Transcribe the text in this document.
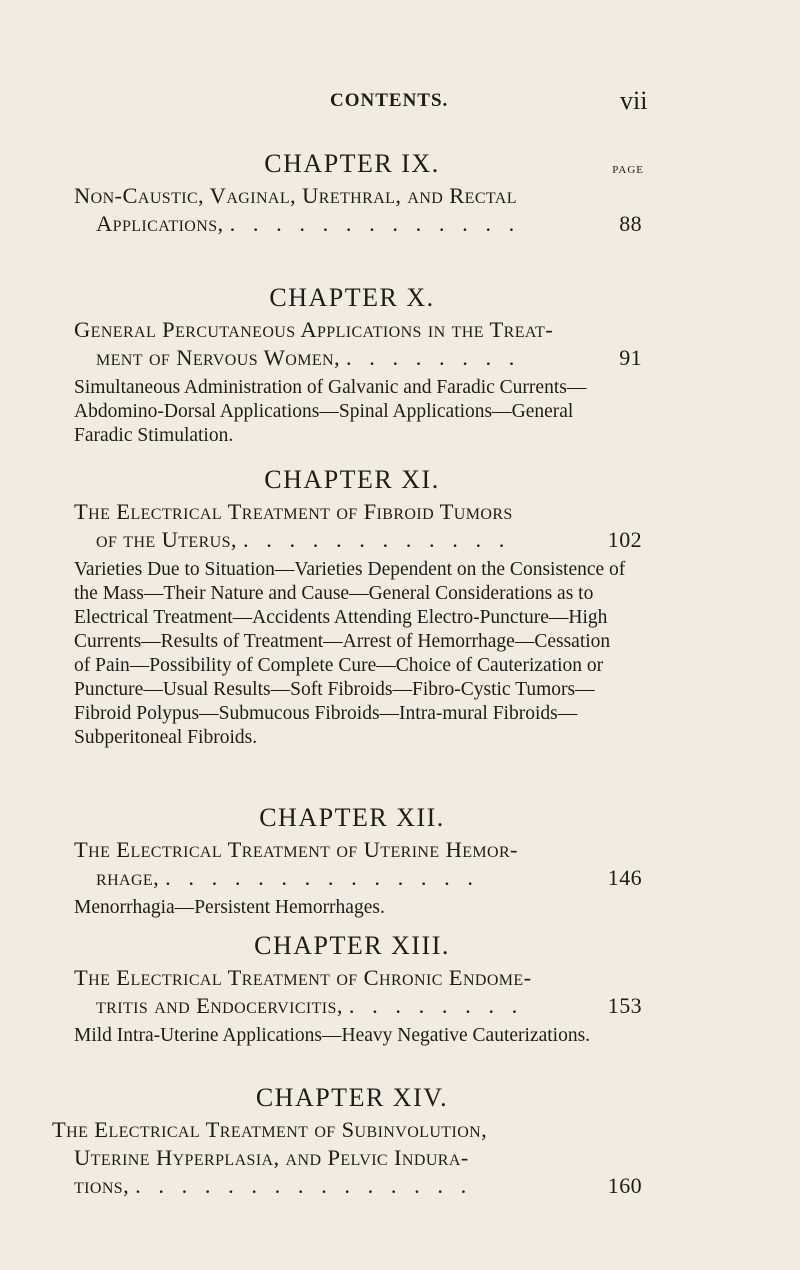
CONTENTS.	vii
CHAPTER IX.	PAGE
Non-Caustic, Vaginal, Urethral, and Rectal
Applications, . . . . . . . . . . . . .	88
CHAPTER X.
General Percutaneous Applications in the Treat-
ment of Nervous Women, . . . . . . . .	91
Simultaneous Administration of Galvanic and Faradic Currents—Abdomino-Dorsal Applications—Spinal Applications—General Faradic Stimulation.
CHAPTER XI.
The Electrical Treatment of Fibroid Tumors
of the Uterus, . . . . . . . . . . . .	102
Varieties Due to Situation—Varieties Dependent on the Consistence of the Mass—Their Nature and Cause—General Considerations as to Electrical Treatment—Accidents Attending Electro-Puncture—High Currents—Results of Treatment—Arrest of Hemorrhage—Cessation of Pain—Possibility of Complete Cure—Choice of Cauterization or Puncture—Usual Results—Soft Fibroids—Fibro-Cystic Tumors—Fibroid Polypus—Submucous Fibroids—Intra-mural Fibroids—Subperitoneal Fibroids.
CHAPTER XII.
The Electrical Treatment of Uterine Hemor-
rhage, . . . . . . . . . . . . . .	146
Menorrhagia—Persistent Hemorrhages.
CHAPTER XIII.
The Electrical Treatment of Chronic Endome-
tritis and Endocervicitis, . . . . . . . .	153
Mild Intra-Uterine Applications—Heavy Negative Cauterizations.
CHAPTER XIV.
The Electrical Treatment of Subinvolution,
Uterine Hyperplasia, and Pelvic Indura-
tions, . . . . . . . . . . . . . . .	160
